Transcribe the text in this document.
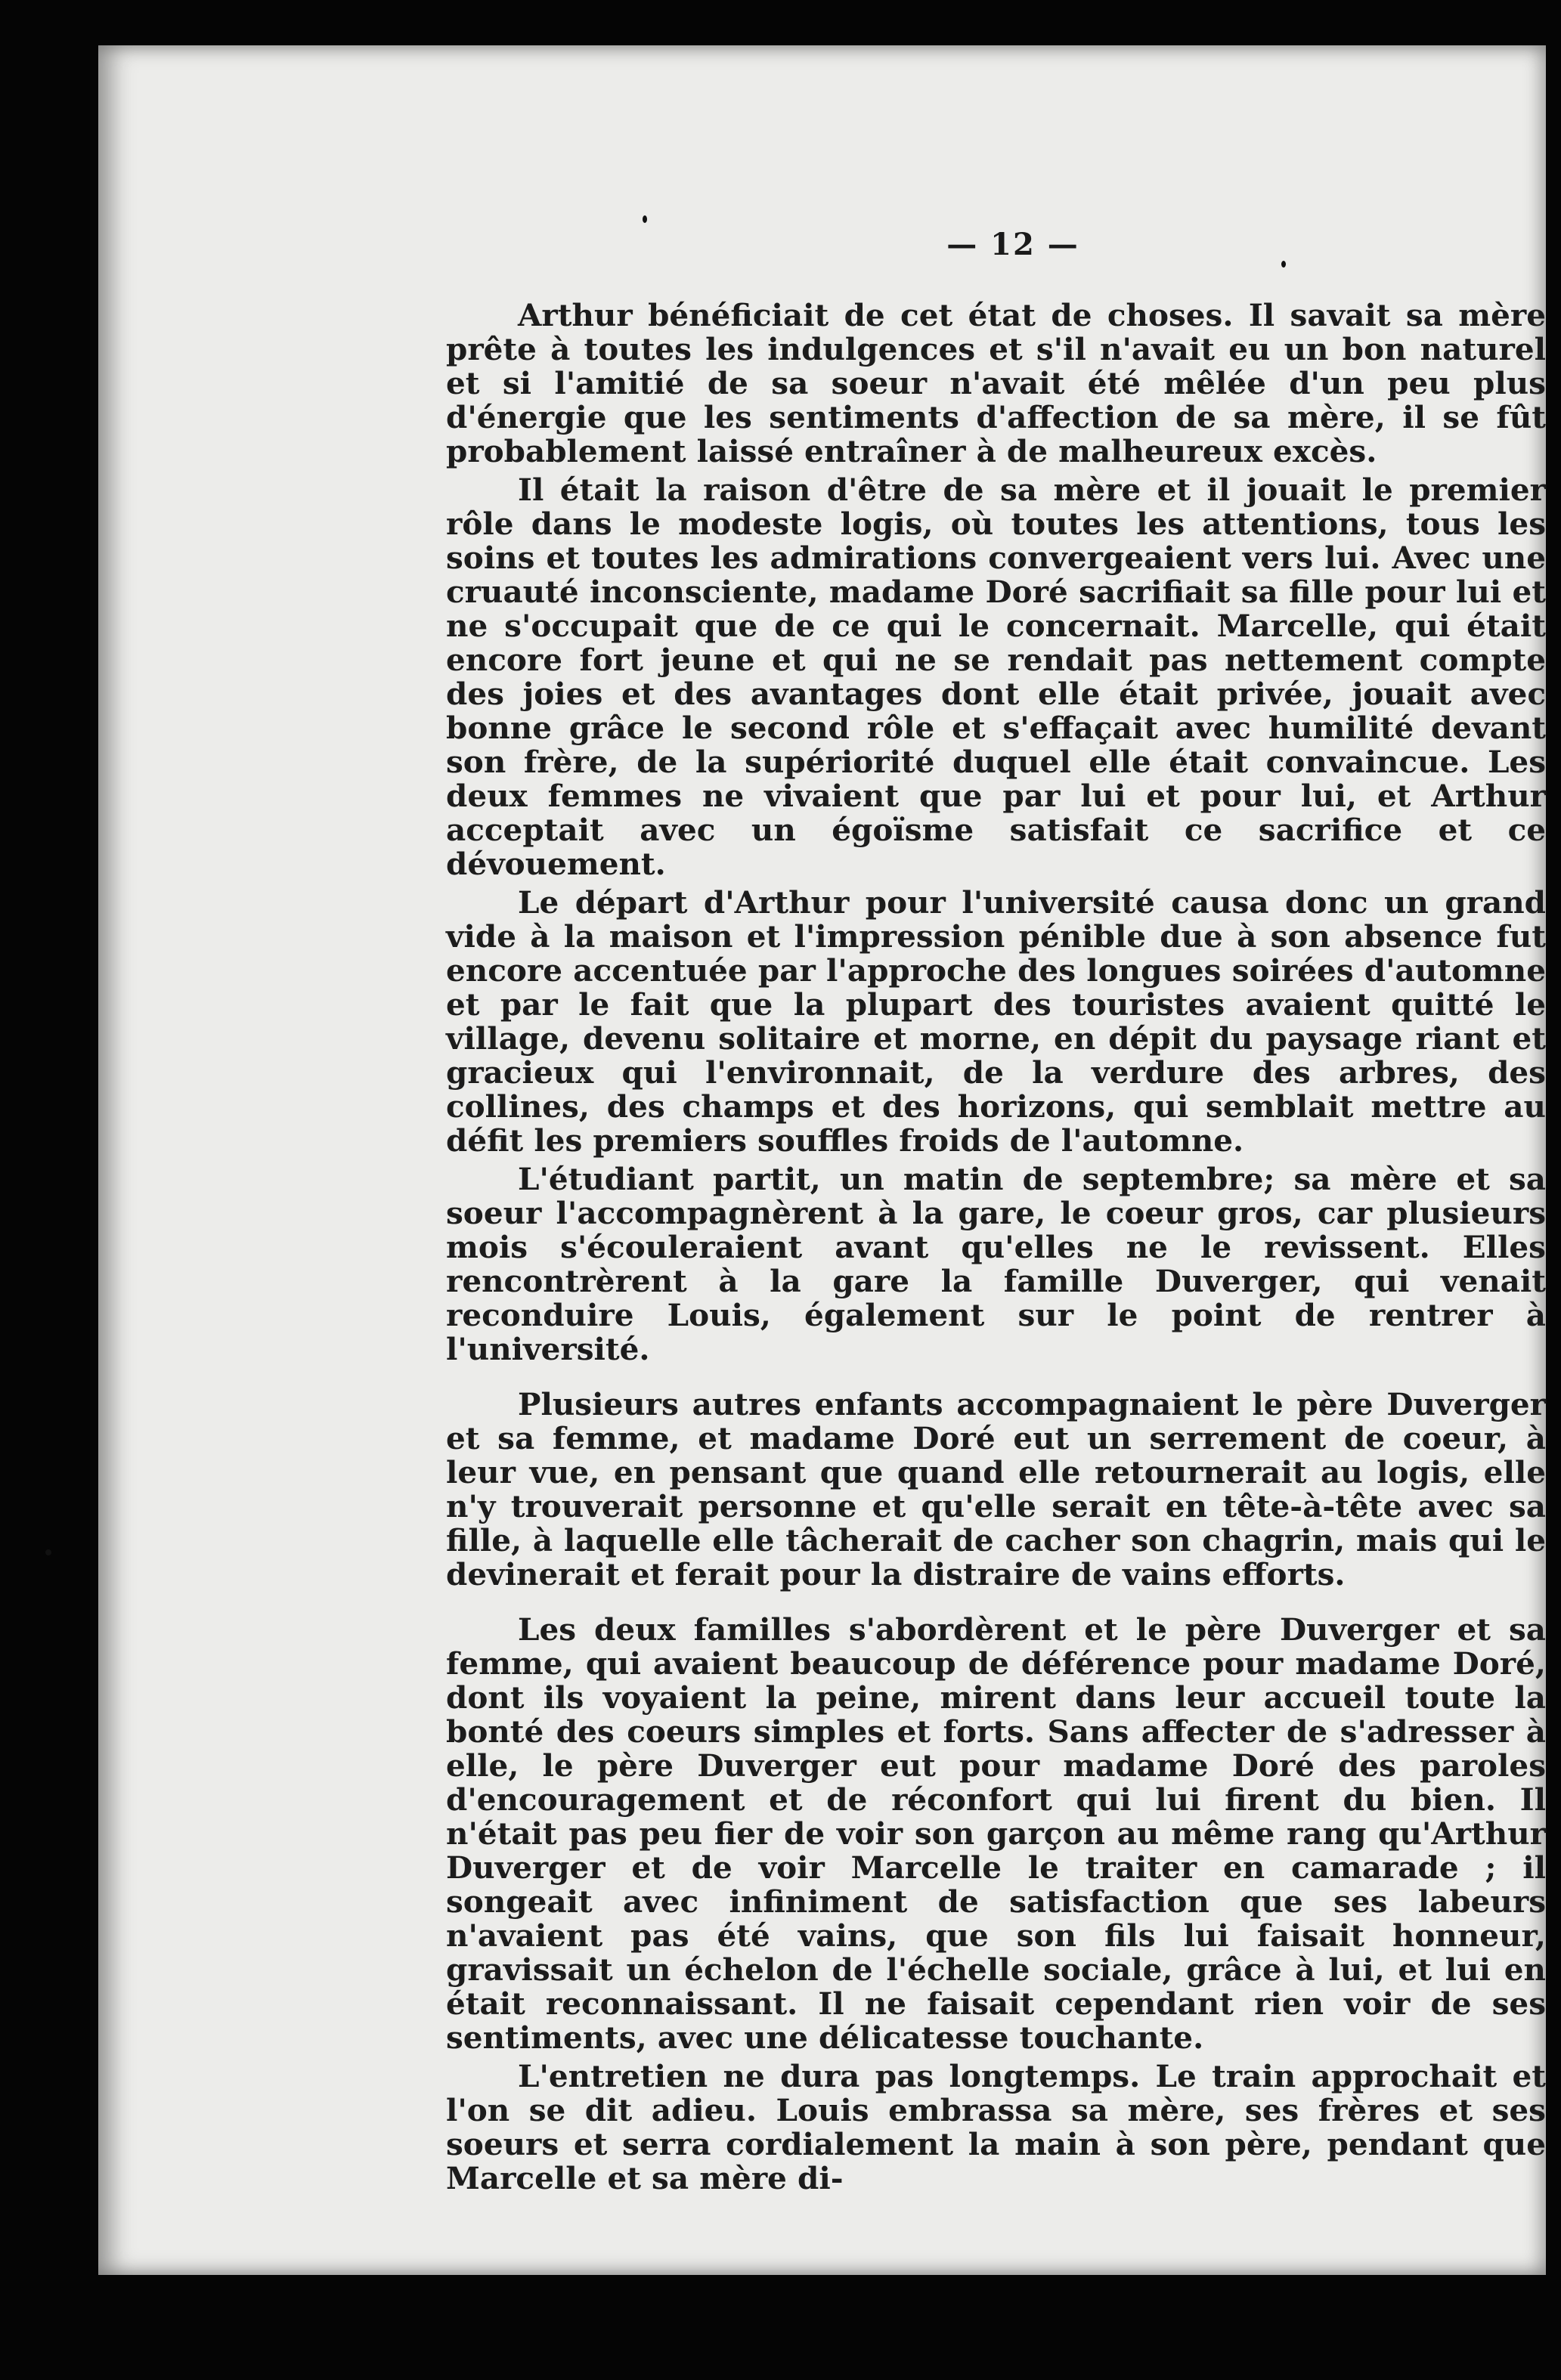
— 12 —

Arthur bénéficiait de cet état de choses. Il savait sa mère prête à toutes les indulgences et s'il n'avait eu un bon naturel et si l'amitié de sa soeur n'avait été mêlée d'un peu plus d'énergie que les sentiments d'affection de sa mère, il se fût probablement laissé entraîner à de malheureux excès.

Il était la raison d'être de sa mère et il jouait le premier rôle dans le modeste logis, où toutes les attentions, tous les soins et toutes les admirations convergeaient vers lui. Avec une cruauté inconsciente, madame Doré sacrifiait sa fille pour lui et ne s'occupait que de ce qui le concernait. Marcelle, qui était encore fort jeune et qui ne se rendait pas nettement compte des joies et des avantages dont elle était privée, jouait avec bonne grâce le second rôle et s'effaçait avec humilité devant son frère, de la supériorité duquel elle était convaincue. Les deux femmes ne vivaient que par lui et pour lui, et Arthur acceptait avec un égoïsme satisfait ce sacrifice et ce dévouement.

Le départ d'Arthur pour l'université causa donc un grand vide à la maison et l'impression pénible due à son absence fut encore accentuée par l'approche des longues soirées d'automne et par le fait que la plupart des touristes avaient quitté le village, devenu solitaire et morne, en dépit du paysage riant et gracieux qui l'environnait, de la verdure des arbres, des collines, des champs et des horizons, qui semblait mettre au défit les premiers souffles froids de l'automne.

L'étudiant partit, un matin de septembre; sa mère et sa soeur l'accompagnèrent à la gare, le coeur gros, car plusieurs mois s'écouleraient avant qu'elles ne le revissent. Elles rencontrèrent à la gare la famille Duverger, qui venait reconduire Louis, également sur le point de rentrer à l'université.

Plusieurs autres enfants accompagnaient le père Duverger et sa femme, et madame Doré eut un serrement de coeur, à leur vue, en pensant que quand elle retournerait au logis, elle n'y trouverait personne et qu'elle serait en tête-à-tête avec sa fille, à laquelle elle tâcherait de cacher son chagrin, mais qui le devinerait et ferait pour la distraire de vains efforts.

Les deux familles s'abordèrent et le père Duverger et sa femme, qui avaient beaucoup de déférence pour madame Doré, dont ils voyaient la peine, mirent dans leur accueil toute la bonté des coeurs simples et forts. Sans affecter de s'adresser à elle, le père Duverger eut pour madame Doré des paroles d'encouragement et de réconfort qui lui firent du bien. Il n'était pas peu fier de voir son garçon au même rang qu'Arthur Duverger et de voir Marcelle le traiter en camarade ; il songeait avec infiniment de satisfaction que ses labeurs n'avaient pas été vains, que son fils lui faisait honneur, gravissait un échelon de l'échelle sociale, grâce à lui, et lui en était reconnaissant. Il ne faisait cependant rien voir de ses sentiments, avec une délicatesse touchante.

L'entretien ne dura pas longtemps. Le train approchait et l'on se dit adieu. Louis embrassa sa mère, ses frères et ses soeurs et serra cordialement la main à son père, pendant que Marcelle et sa mère di-
